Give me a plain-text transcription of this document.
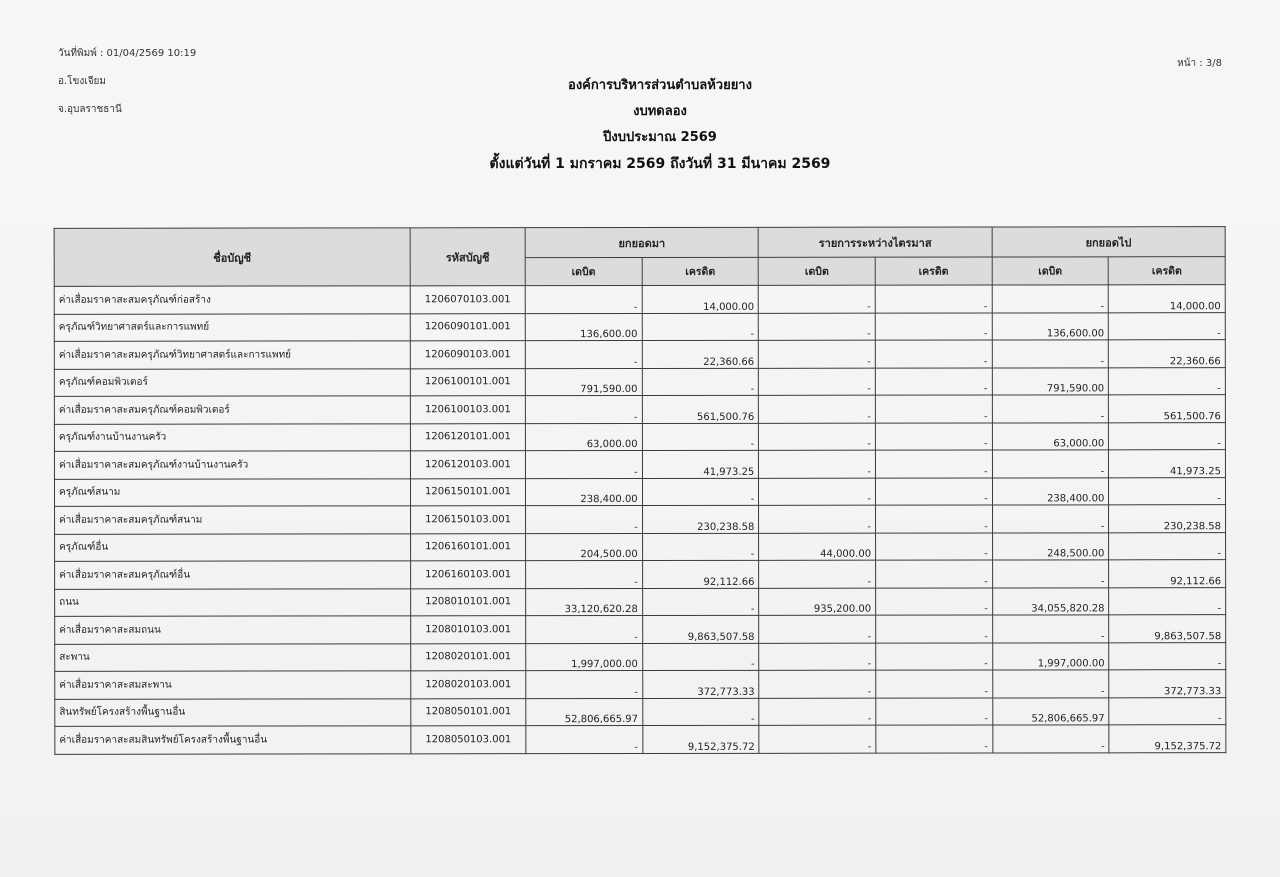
วันที่พิมพ์ : 01/04/2569 10:19
อ.โขงเจียม
จ.อุบลราชธานี
หน้า : 3/8
องค์การบริหารส่วนตำบลห้วยยาง
งบทดลอง
ปีงบประมาณ 2569
ตั้งแต่วันที่ 1 มกราคม 2569 ถึงวันที่ 31 มีนาคม 2569
ชื่อบัญชี	รหัสบัญชี	ยกยอดมา		รายการระหว่างไตรมาส		ยกยอดไป	
		เดบิต	เครดิต	เดบิต	เครดิต	เดบิต	เครดิต
ค่าเสื่อมราคาสะสมครุภัณฑ์ก่อสร้าง	1206070103.001	-	14,000.00	-	-	-	14,000.00
ครุภัณฑ์วิทยาศาสตร์และการแพทย์	1206090101.001	136,600.00	-	-	-	136,600.00	-
ค่าเสื่อมราคาสะสมครุภัณฑ์วิทยาศาสตร์และการแพทย์	1206090103.001	-	22,360.66	-	-	-	22,360.66
ครุภัณฑ์คอมพิวเตอร์	1206100101.001	791,590.00	-	-	-	791,590.00	-
ค่าเสื่อมราคาสะสมครุภัณฑ์คอมพิวเตอร์	1206100103.001	-	561,500.76	-	-	-	561,500.76
ครุภัณฑ์งานบ้านงานครัว	1206120101.001	63,000.00	-	-	-	63,000.00	-
ค่าเสื่อมราคาสะสมครุภัณฑ์งานบ้านงานครัว	1206120103.001	-	41,973.25	-	-	-	41,973.25
ครุภัณฑ์สนาม	1206150101.001	238,400.00	-	-	-	238,400.00	-
ค่าเสื่อมราคาสะสมครุภัณฑ์สนาม	1206150103.001	-	230,238.58	-	-	-	230,238.58
ครุภัณฑ์อื่น	1206160101.001	204,500.00	-	44,000.00	-	248,500.00	-
ค่าเสื่อมราคาสะสมครุภัณฑ์อื่น	1206160103.001	-	92,112.66	-	-	-	92,112.66
ถนน	1208010101.001	33,120,620.28	-	935,200.00	-	34,055,820.28	-
ค่าเสื่อมราคาสะสมถนน	1208010103.001	-	9,863,507.58	-	-	-	9,863,507.58
สะพาน	1208020101.001	1,997,000.00	-	-	-	1,997,000.00	-
ค่าเสื่อมราคาสะสมสะพาน	1208020103.001	-	372,773.33	-	-	-	372,773.33
สินทรัพย์โครงสร้างพื้นฐานอื่น	1208050101.001	52,806,665.97	-	-	-	52,806,665.97	-
ค่าเสื่อมราคาสะสมสินทรัพย์โครงสร้างพื้นฐานอื่น	1208050103.001	-	9,152,375.72	-	-	-	9,152,375.72
